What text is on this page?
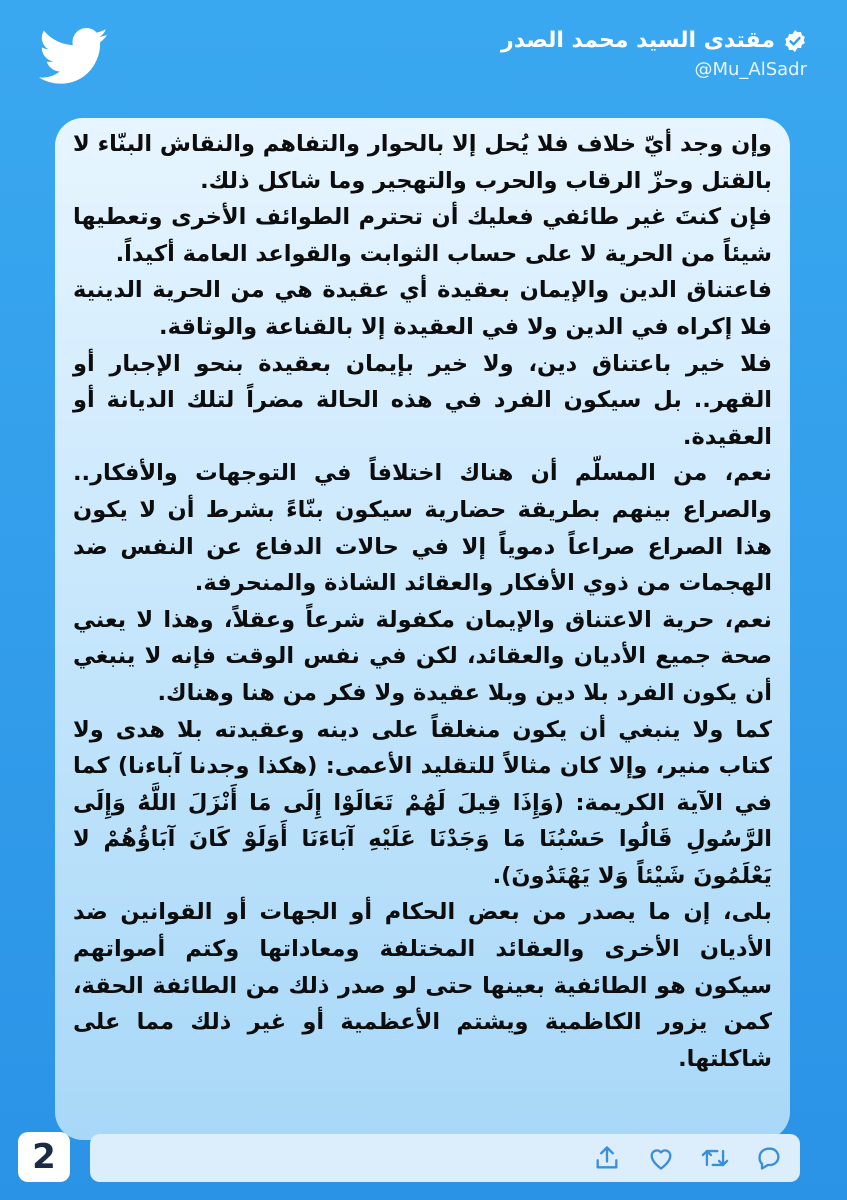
مقتدى السيد محمد الصدر
@Mu_AlSadr

وإن وجد أيّ خلاف فلا يُحل إلا بالحوار والتفاهم والنقاش البنّاء لا بالقتل وحزّ الرقاب والحرب والتهجير وما شاكل ذلك.

فإن كنتَ غير طائفي فعليك أن تحترم الطوائف الأخرى وتعطيها شيئاً من الحرية لا على حساب الثوابت والقواعد العامة أكيداً.

فاعتناق الدين والإيمان بعقيدة أي عقيدة هي من الحرية الدينية فلا إكراه في الدين ولا في العقيدة إلا بالقناعة والوثاقة.

فلا خير باعتناق دين، ولا خير بإيمان بعقيدة بنحو الإجبار أو القهر.. بل سيكون الفرد في هذه الحالة مضراً لتلك الديانة أو العقيدة.

نعم، من المسلّم أن هناك اختلافاً في التوجهات والأفكار.. والصراع بينهم بطريقة حضارية سيكون بنّاءً بشرط أن لا يكون هذا الصراع صراعاً دموياً إلا في حالات الدفاع عن النفس ضد الهجمات من ذوي الأفكار والعقائد الشاذة والمنحرفة.

نعم، حرية الاعتناق والإيمان مكفولة شرعاً وعقلاً، وهذا لا يعني صحة جميع الأديان والعقائد، لكن في نفس الوقت فإنه لا ينبغي أن يكون الفرد بلا دين وبلا عقيدة ولا فكر من هنا وهناك.

كما ولا ينبغي أن يكون منغلقاً على دينه وعقيدته بلا هدى ولا كتاب منير، وإلا كان مثالاً للتقليد الأعمى: (هكذا وجدنا آباءنا) كما في الآية الكريمة: (وَإِذَا قِيلَ لَهُمْ تَعَالَوْا إِلَى مَا أَنْزَلَ اللَّهُ وَإِلَى الرَّسُولِ قَالُوا حَسْبُنَا مَا وَجَدْنَا عَلَيْهِ آبَاءَنَا أَوَلَوْ كَانَ آبَاؤُهُمْ لا يَعْلَمُونَ شَيْئاً وَلا يَهْتَدُونَ).

بلى، إن ما يصدر من بعض الحكام أو الجهات أو القوانين ضد الأديان الأخرى والعقائد المختلفة ومعاداتها وكتم أصواتهم سيكون هو الطائفية بعينها حتى لو صدر ذلك من الطائفة الحقة، كمن يزور الكاظمية ويشتم الأعظمية أو غير ذلك مما على شاكلتها.

2
